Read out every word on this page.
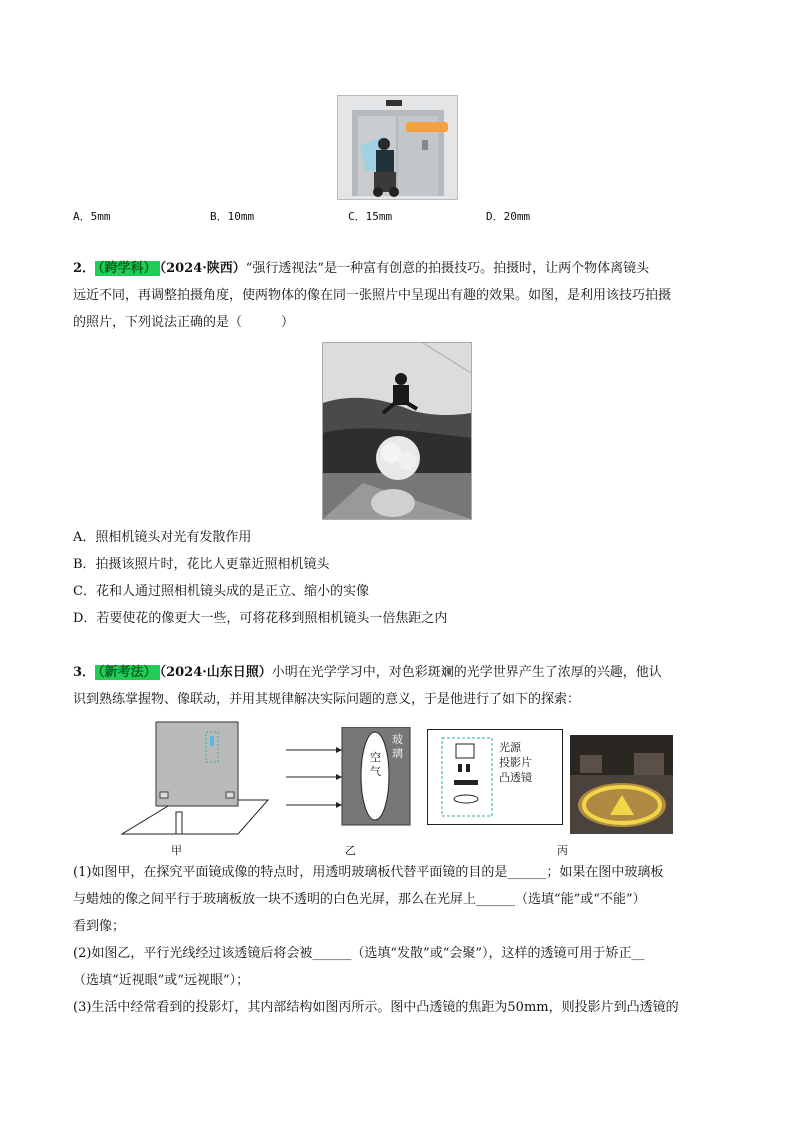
A．5mm	B．10mm	C．15mm	D．20mm
2． （跨学科） （2024·陕西）“强行透视法”是一种富有创意的拍摄技巧。拍摄时，让两个物体离镜头
远近不同，再调整拍摄角度，使两物体的像在同一张照片中呈现出有趣的效果。如图，是利用该技巧拍摄
的照片，下列说法正确的是（　　　）
A．照相机镜头对光有发散作用
B．拍摄该照片时，花比人更靠近照相机镜头
C．花和人通过照相机镜头成的是正立、缩小的实像
D．若要使花的像更大一些，可将花移到照相机镜头一倍焦距之内
3． （新考法） （2024·山东日照）小明在光学学习中，对色彩斑斓的光学世界产生了浓厚的兴趣，他认
识到熟练掌握物、像联动，并用其规律解决实际问题的意义，于是他进行了如下的探索：
甲
空气
玻璃
乙
光源
投影片
凸透镜
丙
(1)如图甲，在探究平面镜成像的特点时，用透明玻璃板代替平面镜的目的是______；如果在图中玻璃板
与蜡烛的像之间平行于玻璃板放一块不透明的白色光屏，那么在光屏上______（选填“能”或“不能”）
看到像；
(2)如图乙，平行光线经过该透镜后将会被______（选填“发散”或“会聚”），这样的透镜可用于矫正__
（选填“近视眼”或“远视眼”）；
(3)生活中经常看到的投影灯，其内部结构如图丙所示。图中凸透镜的焦距为50mm，则投影片到凸透镜的
